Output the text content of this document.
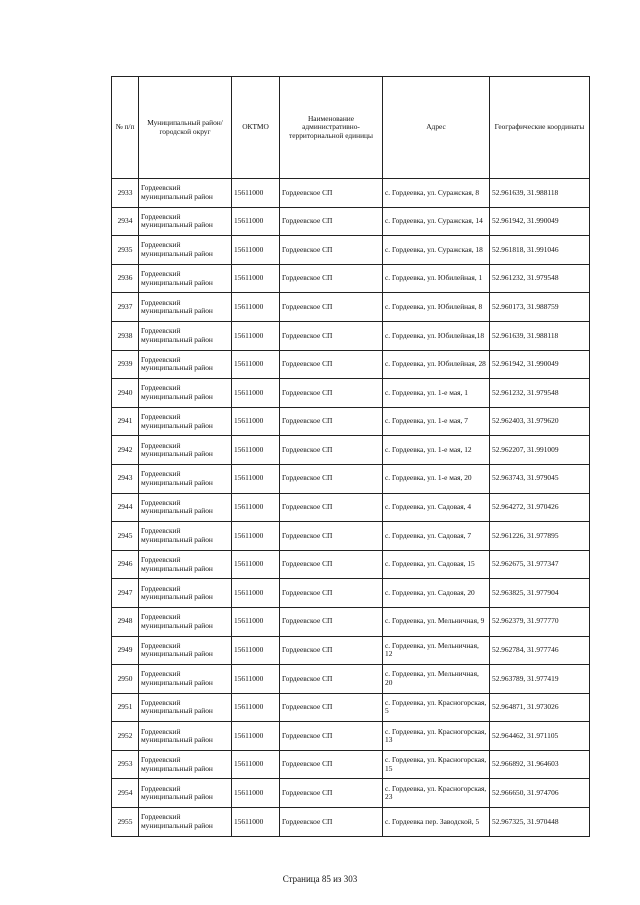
№ п/п	Муниципальный район/городской округ	ОКТМО	Наименование административно-территориальной единицы	Адрес	Географические координаты
2933	Гордеевский муниципальный район	15611000	Гордеевское СП	с. Гордеевка, ул. Суражская, 8	52.961639, 31.988118
2934	Гордеевский муниципальный район	15611000	Гордеевское СП	с. Гордеевка, ул. Суражская, 14	52.961942, 31.990049
2935	Гордеевский муниципальный район	15611000	Гордеевское СП	с. Гордеевка, ул. Суражская, 18	52.961818, 31.991046
2936	Гордеевский муниципальный район	15611000	Гордеевское СП	с. Гордеевка, ул. Юбилейная, 1	52.961232, 31.979548
2937	Гордеевский муниципальный район	15611000	Гордеевское СП	с. Гордеевка, ул. Юбилейная, 8	52.960173, 31.988759
2938	Гордеевский муниципальный район	15611000	Гордеевское СП	с. Гордеевка, ул. Юбилейная,18	52.961639, 31.988118
2939	Гордеевский муниципальный район	15611000	Гордеевское СП	с. Гордеевка, ул. Юбилейная, 28	52.961942, 31.990049
2940	Гордеевский муниципальный район	15611000	Гордеевское СП	с. Гордеевка, ул. 1-е мая, 1	52.961232, 31.979548
2941	Гордеевский муниципальный район	15611000	Гордеевское СП	с. Гордеевка, ул. 1-е мая, 7	52.962403, 31.979620
2942	Гордеевский муниципальный район	15611000	Гордеевское СП	с. Гордеевка, ул. 1-е мая, 12	52.962207, 31.991009
2943	Гордеевский муниципальный район	15611000	Гордеевское СП	с. Гордеевка, ул. 1-е мая, 20	52.963743, 31.979045
2944	Гордеевский муниципальный район	15611000	Гордеевское СП	с. Гордеевка, ул. Садовая, 4	52.964272, 31.970426
2945	Гордеевский муниципальный район	15611000	Гордеевское СП	с. Гордеевка, ул. Садовая, 7	52.961226, 31.977895
2946	Гордеевский муниципальный район	15611000	Гордеевское СП	с. Гордеевка, ул. Садовая, 15	52.962675, 31.977347
2947	Гордеевский муниципальный район	15611000	Гордеевское СП	с. Гордеевка, ул. Садовая, 20	52.963825, 31.977904
2948	Гордеевский муниципальный район	15611000	Гордеевское СП	с. Гордеевка, ул. Мельничная, 9	52.962379, 31.977770
2949	Гордеевский муниципальный район	15611000	Гордеевское СП	с. Гордеевка, ул. Мельничная, 12	52.962784, 31.977746
2950	Гордеевский муниципальный район	15611000	Гордеевское СП	с. Гордеевка, ул. Мельничная, 20	52.963789, 31.977419
2951	Гордеевский муниципальный район	15611000	Гордеевское СП	с. Гордеевка, ул. Красногорская, 5	52.964871, 31.973026
2952	Гордеевский муниципальный район	15611000	Гордеевское СП	с. Гордеевка, ул. Красногорская, 13	52.964462, 31.971105
2953	Гордеевский муниципальный район	15611000	Гордеевское СП	с. Гордеевка, ул. Красногорская, 15	52.966892, 31.964603
2954	Гордеевский муниципальный район	15611000	Гордеевское СП	с. Гордеевка, ул. Красногорская, 23	52.966650, 31.974706
2955	Гордеевский муниципальный район	15611000	Гордеевское СП	с. Гордеевка пер. Заводской, 5	52.967325, 31.970448
Страница 85 из 303
